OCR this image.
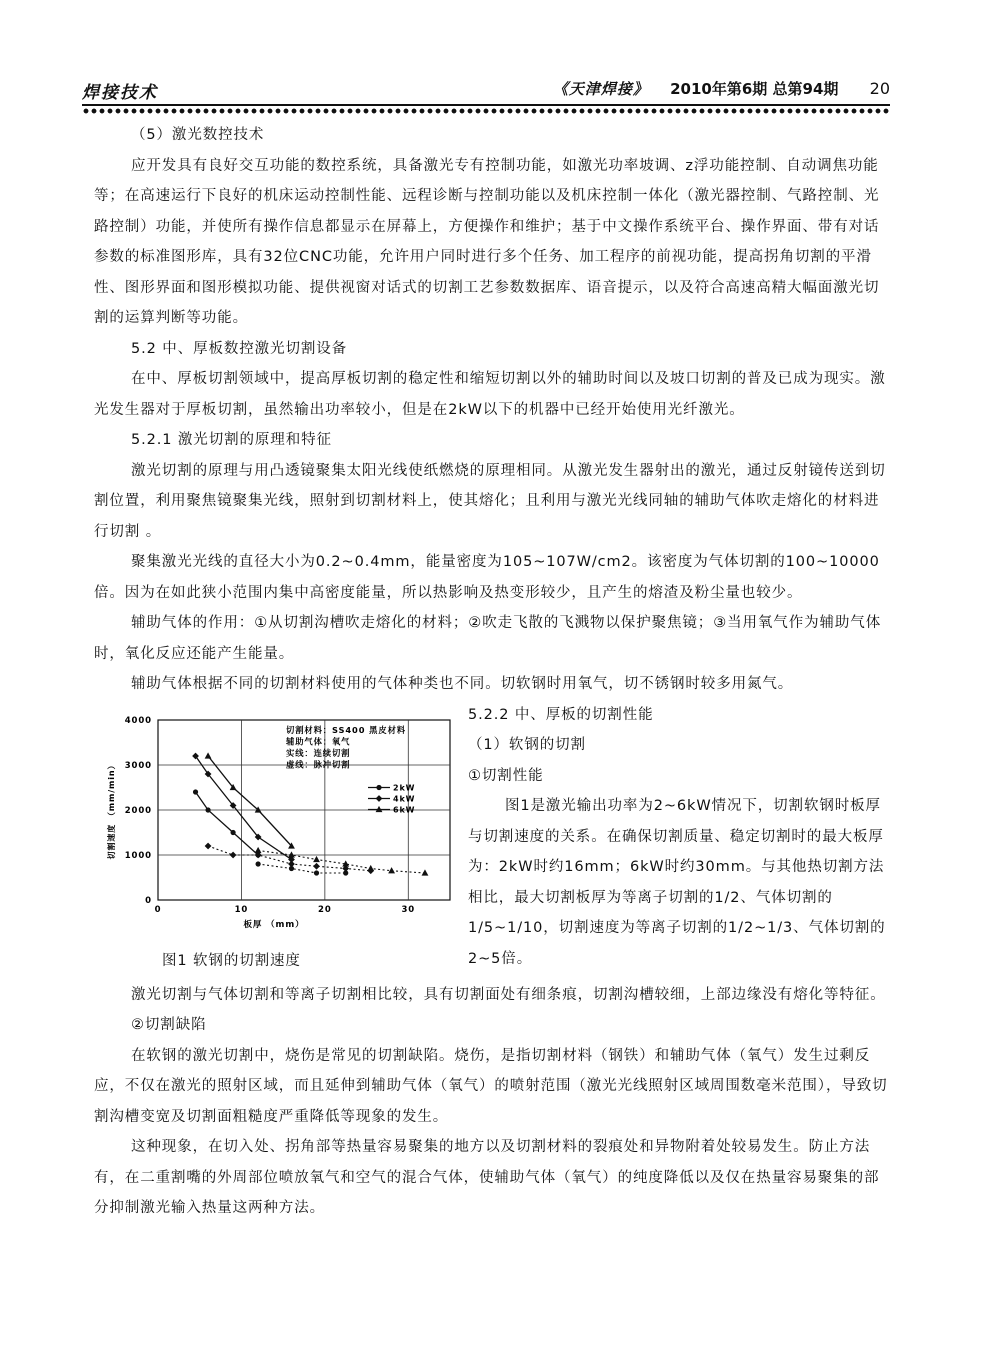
焊接技术	《天津焊接》 2010年第6期 总第94期 20

（5）激光数控技术

应开发具有良好交互功能的数控系统，具备激光专有控制功能，如激光功率坡调、z浮功能控制、自动调焦功能等；在高速运行下良好的机床运动控制性能、远程诊断与控制功能以及机床控制一体化（激光器控制、气路控制、光路控制）功能，并使所有操作信息都显示在屏幕上，方便操作和维护；基于中文操作系统平台、操作界面、带有对话参数的标准图形库，具有32位CNC功能，允许用户同时进行多个任务、加工程序的前视功能，提高拐角切割的平滑性、图形界面和图形模拟功能、提供视窗对话式的切割工艺参数数据库、语音提示，以及符合高速高精大幅面激光切割的运算判断等功能。

5.2 中、厚板数控激光切割设备

在中、厚板切割领域中，提高厚板切割的稳定性和缩短切割以外的辅助时间以及坡口切割的普及已成为现实。激光发生器对于厚板切割，虽然输出功率较小，但是在2kW以下的机器中已经开始使用光纤激光。

5.2.1 激光切割的原理和特征

激光切割的原理与用凸透镜聚集太阳光线使纸燃烧的原理相同。从激光发生器射出的激光，通过反射镜传送到切割位置，利用聚焦镜聚集光线，照射到切割材料上，使其熔化；且利用与激光光线同轴的辅助气体吹走熔化的材料进行切割 。

聚集激光光线的直径大小为0.2~0.4mm，能量密度为105~107W/cm2。该密度为气体切割的100~10000倍。因为在如此狭小范围内集中高密度能量，所以热影响及热变形较少，且产生的熔渣及粉尘量也较少。

辅助气体的作用：①从切割沟槽吹走熔化的材料；②吹走飞散的飞溅物以保护聚焦镜；③当用氧气作为辅助气体时，氧化反应还能产生能量。

辅助气体根据不同的切割材料使用的气体种类也不同。切软钢时用氧气，切不锈钢时较多用氮气。

0
1000
2000
3000
4000
0	10	20	30
板厚 （mm）
切割速度 （mm/min）
切割材料：SS400 黑皮材料
辅助气体：氧气
实线：连续切割
虚线：脉冲切割
2kW
4kW
6kW
图1 软钢的切割速度

5.2.2 中、厚板的切割性能

（1）软钢的切割

①切割性能

图1是激光输出功率为2~6kW情况下，切割软钢时板厚与切割速度的关系。在确保切割质量、稳定切割时的最大板厚为：2kW时约16mm；6kW时约30mm。与其他热切割方法相比，最大切割板厚为等离子切割的1/2、气体切割的1/5~1/10，切割速度为等离子切割的1/2~1/3、气体切割的2~5倍。

激光切割与气体切割和等离子切割相比较，具有切割面处有细条痕，切割沟槽较细，上部边缘没有熔化等特征。

②切割缺陷

在软钢的激光切割中，烧伤是常见的切割缺陷。烧伤，是指切割材料（钢铁）和辅助气体（氧气）发生过剩反应，不仅在激光的照射区域，而且延伸到辅助气体（氧气）的喷射范围（激光光线照射区域周围数毫米范围），导致切割沟槽变宽及切割面粗糙度严重降低等现象的发生。

这种现象，在切入处、拐角部等热量容易聚集的地方以及切割材料的裂痕处和异物附着处较易发生。防止方法有，在二重割嘴的外周部位喷放氧气和空气的混合气体，使辅助气体（氧气）的纯度降低以及仅在热量容易聚集的部分抑制激光输入热量这两种方法。
